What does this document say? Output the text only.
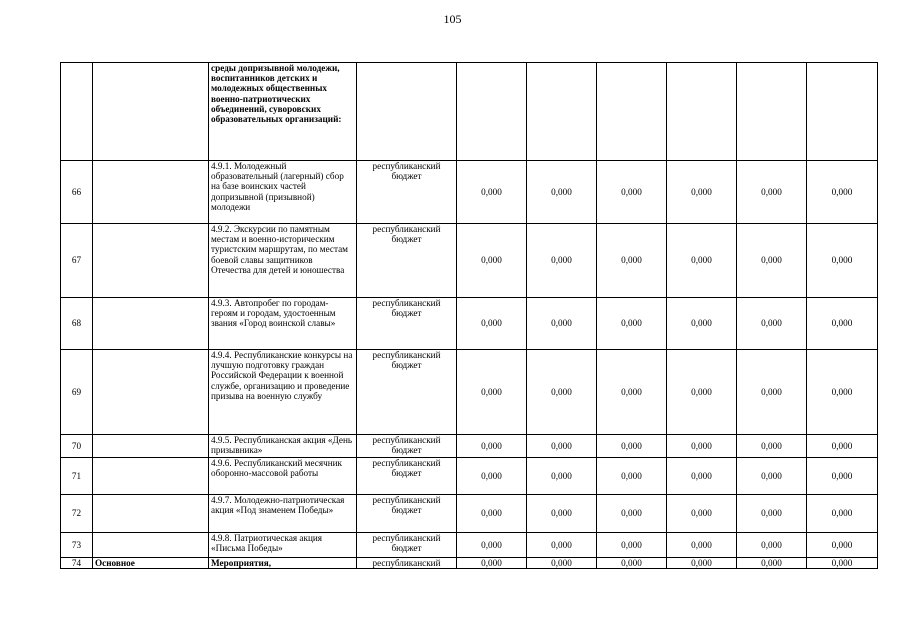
105
		среды допризывной молодежи, воспитанников детских и молодежных общественных военно-патриотических объединений, суворовских образовательных организаций:							
66		4.9.1. Молодежный образовательный (лагерный) сбор на базе воинских частей допризывной (призывной) молодежи	республиканский бюджет	0,000	0,000	0,000	0,000	0,000	0,000
67		4.9.2. Экскурсии по памятным местам и военно-историческим туристским маршрутам, по местам боевой славы защитников Отечества для детей и юношества	республиканский бюджет	0,000	0,000	0,000	0,000	0,000	0,000
68		4.9.3. Автопробег по городам-героям и городам, удостоенным звания «Город воинской славы»	республиканский бюджет	0,000	0,000	0,000	0,000	0,000	0,000
69		4.9.4. Республиканские конкурсы на лучшую подготовку граждан Российской Федерации к военной службе, организацию и проведение призыва на военную службу	республиканский бюджет	0,000	0,000	0,000	0,000	0,000	0,000
70		4.9.5. Республиканская акция «День призывника»	республиканский бюджет	0,000	0,000	0,000	0,000	0,000	0,000
71		4.9.6. Республиканский месячник оборонно-массовой работы	республиканский бюджет	0,000	0,000	0,000	0,000	0,000	0,000
72		4.9.7. Молодежно-патриотическая акция «Под знаменем Победы»	республиканский бюджет	0,000	0,000	0,000	0,000	0,000	0,000
73		4.9.8. Патриотическая акция «Письма Победы»	республиканский бюджет	0,000	0,000	0,000	0,000	0,000	0,000
74	Основное	Мероприятия,	республиканский	0,000	0,000	0,000	0,000	0,000	0,000
